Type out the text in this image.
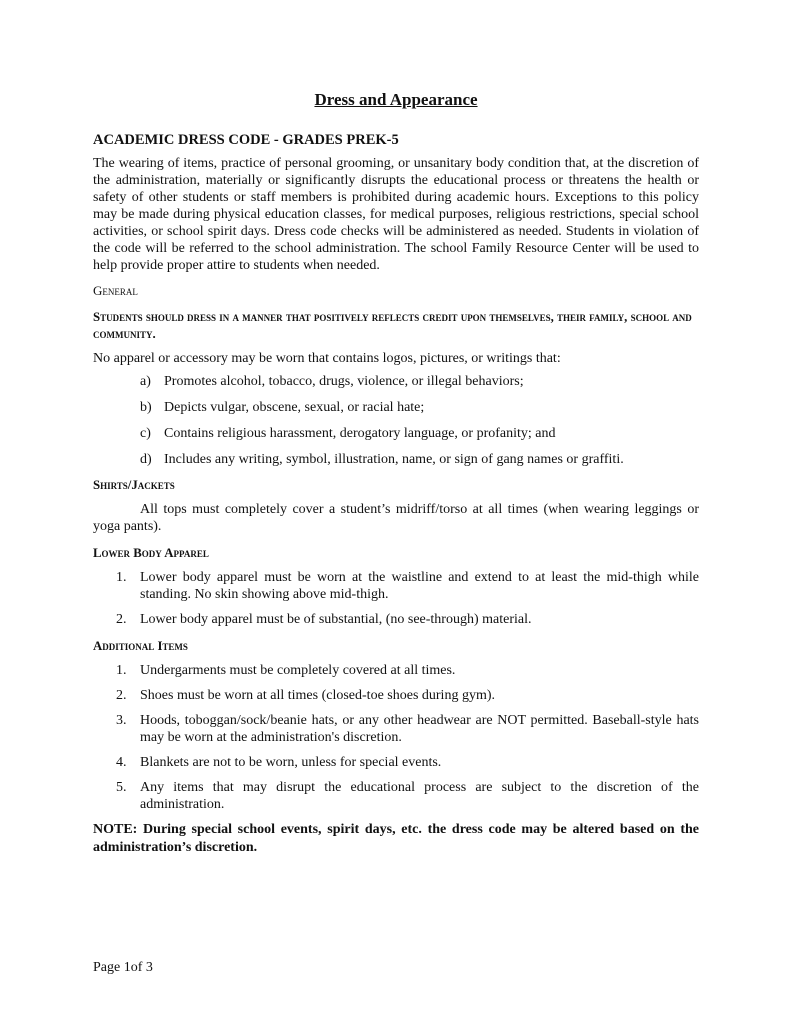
Dress and Appearance
ACADEMIC DRESS CODE - GRADES PREK-5

The wearing of items, practice of personal grooming, or unsanitary body condition that, at the discretion of the administration, materially or significantly disrupts the educational process or threatens the health or safety of other students or staff members is prohibited during academic hours. Exceptions to this policy may be made during physical education classes, for medical purposes, religious restrictions, special school activities, or school spirit days. Dress code checks will be administered as needed. Students in violation of the code will be referred to the school administration. The school Family Resource Center will be used to help provide proper attire to students when needed.

General

Students should dress in a manner that positively reflects credit upon themselves, their family, school and community.

No apparel or accessory may be worn that contains logos, pictures, or writings that:

a) Promotes alcohol, tobacco, drugs, violence, or illegal behaviors;
b) Depicts vulgar, obscene, sexual, or racial hate;
c) Contains religious harassment, derogatory language, or profanity; and
d) Includes any writing, symbol, illustration, name, or sign of gang names or graffiti.
Shirts/Jackets

All tops must completely cover a student’s midriff/torso at all times (when wearing leggings or yoga pants).

Lower Body Apparel
1. Lower body apparel must be worn at the waistline and extend to at least the mid-thigh while standing. No skin showing above mid-thigh.
2. Lower body apparel must be of substantial, (no see-through) material.
Additional Items
1. Undergarments must be completely covered at all times.
2. Shoes must be worn at all times (closed-toe shoes during gym).
3. Hoods, toboggan/sock/beanie hats, or any other headwear are NOT permitted. Baseball-style hats may be worn at the administration's discretion.
4. Blankets are not to be worn, unless for special events.
5. Any items that may disrupt the educational process are subject to the discretion of the administration.

NOTE: During special school events, spirit days, etc. the dress code may be altered based on the administration’s discretion.

Page 1of 3
